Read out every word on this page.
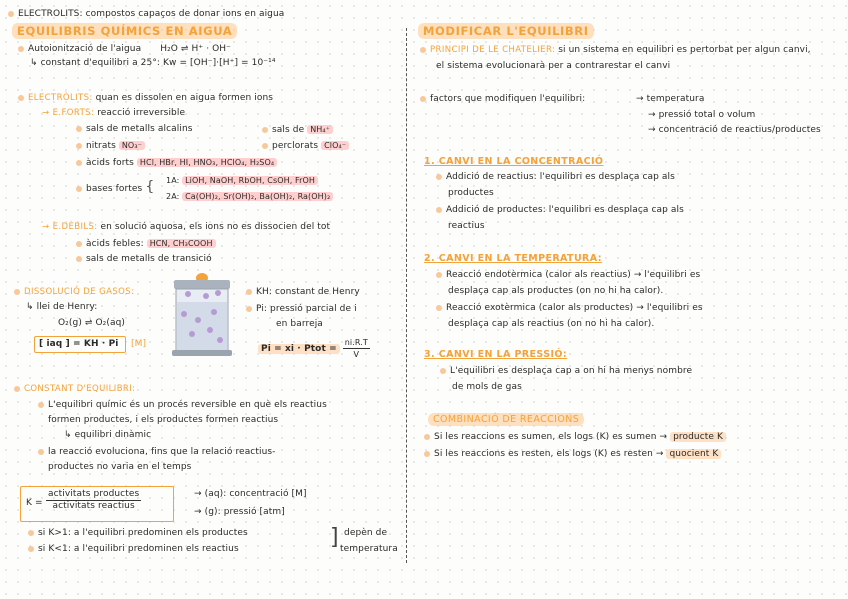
ELECTROLITS: compostos capaços de donar ions en aigua
EQUILIBRIS QUÍMICS EN AIGUA
Autoionització de l'aigua H₂O ⇌ H⁺ · OH⁻
↳ constant d'equilibri a 25°: Kw = [OH⁻]·[H⁺] = 10⁻¹⁴
ELECTRÒLITS: quan es dissolen en aigua formen ions
→ E.FORTS: reacció irreversible
sals de metalls alcalins	sals de NH₄⁺
nitrats NO₃⁻	perclorats ClO₄⁻
àcids forts HCl, HBr, HI, HNO₃, HClO₄, H₂SO₄
bases fortes { 1A: LiOH, NaOH, RbOH, CsOH, FrOH
2A: Ca(OH)₂, Sr(OH)₂, Ba(OH)₂, Ra(OH)₂
→ E.DÈBILS: en solució aquosa, els ions no es dissocien del tot
àcids febles: HCN, CH₃COOH
sals de metalls de transició
DISSOLUCIÓ DE GASOS:
↳ llei de Henry:
O₂(g) ⇌ O₂(aq)
[ iaq ] = KH · Pi [M]
KH: constant de Henry
Pi: pressió parcial de i
en barreja
Pi = xi · Ptot = $\frac{ni.R.T}{V}$
CONSTANT D'EQUILIBRI:
L'equilibri químic és un procés reversible en què els reactius
formen productes, i els productes formen reactius
↳ equilibri dinàmic
la reacció evoluciona, fins que la relació reactius-
productes no varia en el temps
$K = \frac{\text{activitats productes}}{\text{activitats reactius}}$	→ (aq): concentració [M]
→ (g): pressió [atm]
si K>1: a l'equilibri predominen els productes
si K<1: a l'equilibri predominen els reactius	] depèn de
temperatura
MODIFICAR L'EQUILIBRI
PRINCIPI DE LE CHATELIER: si un sistema en equilibri es pertorbat per algun canvi,
el sistema evolucionarà per a contrarestar el canvi
factors que modifiquen l'equilibri:	→ temperatura
→ pressió total o volum
→ concentració de reactius/productes
1. CANVI EN LA CONCENTRACIÓ
Addició de reactius: l'equilibri es desplaça cap als
productes
Addició de productes: l'equilibri es desplaça cap als
reactius
2. CANVI EN LA TEMPERATURA:
Reacció endotèrmica (calor als reactius) → l'equilibri es
desplaça cap als productes (on no hi ha calor).
Reacció exotèrmica (calor als productes) → l'equilibri es
desplaça cap als reactius (on no hi ha calor).
3. CANVI EN LA PRESSIÓ:
L'equilibri es desplaça cap a on hi ha menys nombre
de mols de gas
COMBINACIÓ DE REACCIONS
Si les reaccions es sumen, els logs (K) es sumen → producte K
Si les reaccions es resten, els logs (K) es resten → quocient K
